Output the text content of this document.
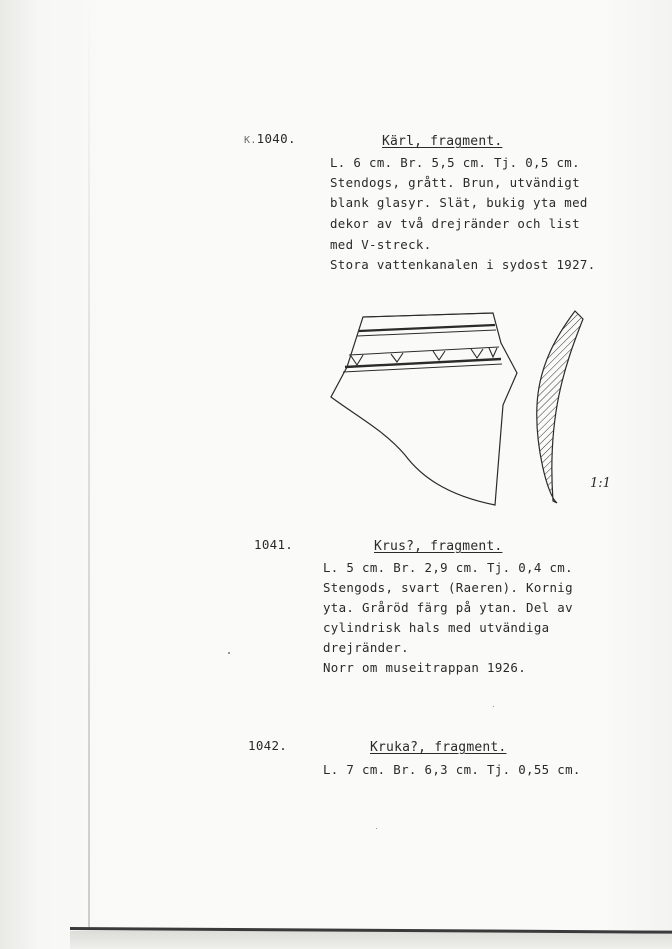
K.1040.	Kärl, fragment.
L. 6 cm. Br. 5,5 cm. Tj. 0,5 cm.
Stendogs, grått. Brun, utvändigt
blank glasyr. Slät, bukig yta med
dekor av två drejränder och list
med V-streck.
Stora vattenkanalen i sydost 1927.
1:1
1041.	Krus?, fragment.
L. 5 cm. Br. 2,9 cm. Tj. 0,4 cm.
Stengods, svart (Raeren). Kornig
yta. Gråröd färg på ytan. Del av
cylindrisk hals med utvändiga
drejränder.
Norr om museitrappan 1926.
1042.	Kruka?, fragment.
L. 7 cm. Br. 6,3 cm. Tj. 0,55 cm.
